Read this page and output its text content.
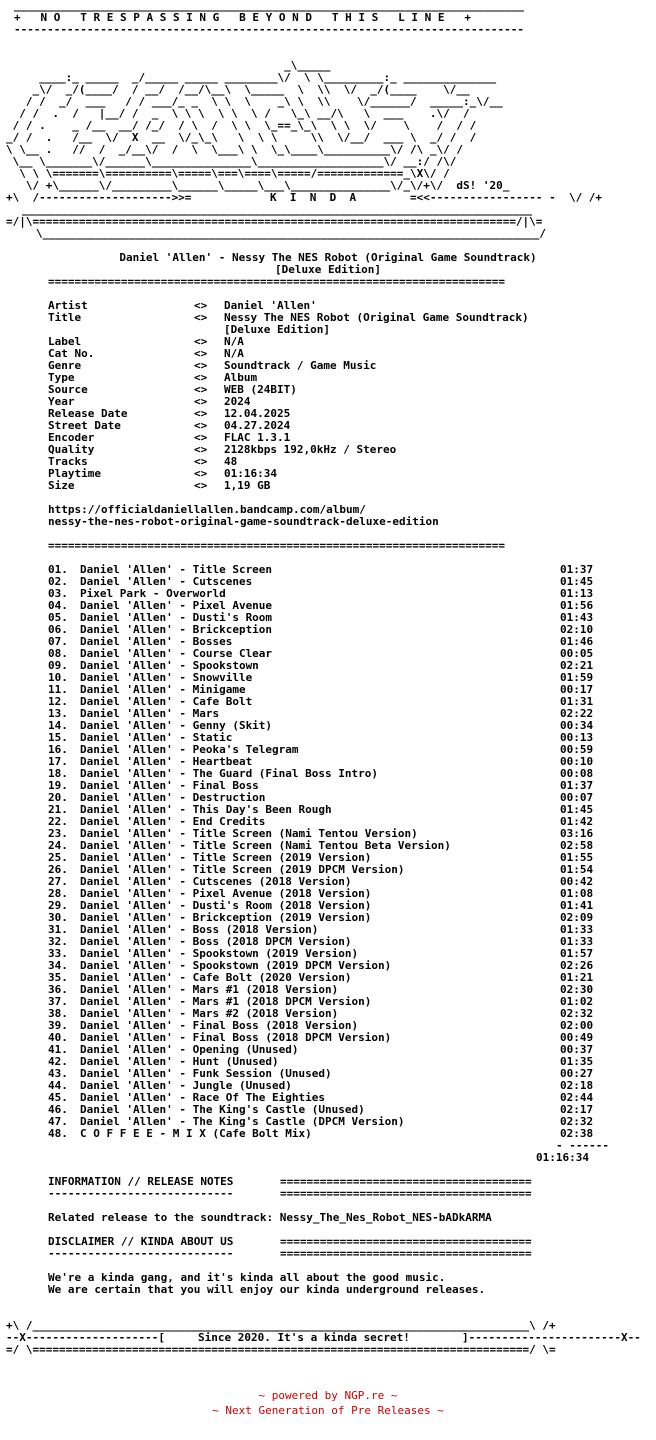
_____________________________________________________________________________
+   N O   T R E S P A S S I N G   B E Y O N D   T H I S   L I N E   +
-----------------------------------------------------------------------------
_\_____
____:_ _____  _/_____ _____ ________\/  \ \_________:_ ______________
_\/  _/(____/  / __/  /__/\__\  \_____  \  \\  \/  _/(____    \/__
/ /  _/  ___   / / ___/_ _  \ \  \    _\ \  \\    \/______/  _____:_\/__
/ /  .  /   |__/ /  _  \ \ \  \ \  \ /   \_\ __/\   \  ___    .\/  /
/ / .    _ /__  __/ /_/  / \  /  \ \  \_==_\_\  \ \  \/    \    /  / /
_/ /  .   /__  \/  X  __  \/_\_\   \  \ \     \\  \/__/  ___ \  _/ /  /
\ \__ .   //  /  _/__\/  /  \  \___\ \  \_\____\__________\/ /\ _\/ /
\__ \_______\/______\_______________\___________________\/ __:/ /\/
\ \ \=======\==========\=====\===\====\=====/=============_\X\/ /
\/ +\______\/_________\______\_____\___\_______________\/_\/+\/  dS! '20_

+\  /-------------------->>=

	K  I  N  D  A

	=<<----------------- -  \/ /+

_____________________________________________________________________________
=/|\=========================================================================/|\=
\___________________________________________________________________________/
Daniel 'Allen' - Nessy The NES Robot (Original Game Soundtrack)
[Deluxe Edition]
=====================================================================
Artist	<> Daniel 'Allen'
Title	<> Nessy The NES Robot (Original Game Soundtrack)
[Deluxe Edition]
Label	<> N/A
Cat No.	<> N/A
Genre	<> Soundtrack / Game Music
Type	<> Album
Source	<> WEB (24BIT)
Year	<> 2024
Release Date	<> 12.04.2025
Street Date	<> 04.27.2024
Encoder	<> FLAC 1.3.1
Quality	<> 2128kbps 192,0kHz / Stereo
Tracks	<> 48
Playtime	<> 01:16:34
Size	<> 1,19 GB
https://officialdaniellallen.bandcamp.com/album/
nessy-the-nes-robot-original-game-soundtrack-deluxe-edition
=====================================================================
01. Daniel 'Allen' - Title Screen	01:37
02. Daniel 'Allen' - Cutscenes	01:45
03. Pixel Park - Overworld	01:13
04. Daniel 'Allen' - Pixel Avenue	01:56
05. Daniel 'Allen' - Dusti's Room	01:43
06. Daniel 'Allen' - Brickception	02:10
07. Daniel 'Allen' - Bosses	01:46
08. Daniel 'Allen' - Course Clear	00:05
09. Daniel 'Allen' - Spookstown	02:21
10. Daniel 'Allen' - Snowville	01:59
11. Daniel 'Allen' - Minigame	00:17
12. Daniel 'Allen' - Cafe Bolt	01:31
13. Daniel 'Allen' - Mars	02:22
14. Daniel 'Allen' - Genny (Skit)	00:34
15. Daniel 'Allen' - Static	00:13
16. Daniel 'Allen' - Peoka's Telegram	00:59
17. Daniel 'Allen' - Heartbeat	00:10
18. Daniel 'Allen' - The Guard (Final Boss Intro)	00:08
19. Daniel 'Allen' - Final Boss	01:37
20. Daniel 'Allen' - Destruction	00:07
21. Daniel 'Allen' - This Day's Been Rough	01:45
22. Daniel 'Allen' - End Credits	01:42
23. Daniel 'Allen' - Title Screen (Nami Tentou Version)	03:16
24. Daniel 'Allen' - Title Screen (Nami Tentou Beta Version)	02:58
25. Daniel 'Allen' - Title Screen (2019 Version)	01:55
26. Daniel 'Allen' - Title Screen (2019 DPCM Version)	01:54
27. Daniel 'Allen' - Cutscenes (2018 Version)	00:42
28. Daniel 'Allen' - Pixel Avenue (2018 Version)	01:08
29. Daniel 'Allen' - Dusti's Room (2018 Version)	01:41
30. Daniel 'Allen' - Brickception (2019 Version)	02:09
31. Daniel 'Allen' - Boss (2018 Version)	01:33
32. Daniel 'Allen' - Boss (2018 DPCM Version)	01:33
33. Daniel 'Allen' - Spookstown (2019 Version)	01:57
34. Daniel 'Allen' - Spookstown (2019 DPCM Version)	02:26
35. Daniel 'Allen' - Cafe Bolt (2020 Version)	01:21
36. Daniel 'Allen' - Mars #1 (2018 Version)	02:30
37. Daniel 'Allen' - Mars #1 (2018 DPCM Version)	01:02
38. Daniel 'Allen' - Mars #2 (2018 Version)	02:32
39. Daniel 'Allen' - Final Boss (2018 Version)	02:00
40. Daniel 'Allen' - Final Boss (2018 DPCM Version)	00:49
41. Daniel 'Allen' - Opening (Unused)	00:37
42. Daniel 'Allen' - Hunt (Unused)	01:35
43. Daniel 'Allen' - Funk Session (Unused)	00:27
44. Daniel 'Allen' - Jungle (Unused)	02:18
45. Daniel 'Allen' - Race Of The Eighties	02:44
46. Daniel 'Allen' - The King's Castle (Unused)	02:17
47. Daniel 'Allen' - The King's Castle (DPCM Version)	02:32
48. C O F F E E - M I X (Cafe Bolt Mix)	02:38
- ------
01:16:34

INFORMATION // RELEASE NOTES

	======================================

----------------------------

	======================================

Related release to the soundtrack: Nessy_The_Nes_Robot_NES-bADkARMA

DISCLAIMER // KINDA ABOUT US

	======================================

----------------------------

	======================================

We're a kinda gang, and it's kinda all about the good music.
We are certain that you will enjoy our kinda underground releases.
+\ /___________________________________________________________________________\ /+

--X--------------------[

	Since 2020. It's a kinda secret!

	]-----------------------X--

=/ \===========================================================================/ \=
~ powered by NGP.re ~
~ Next Generation of Pre Releases ~
